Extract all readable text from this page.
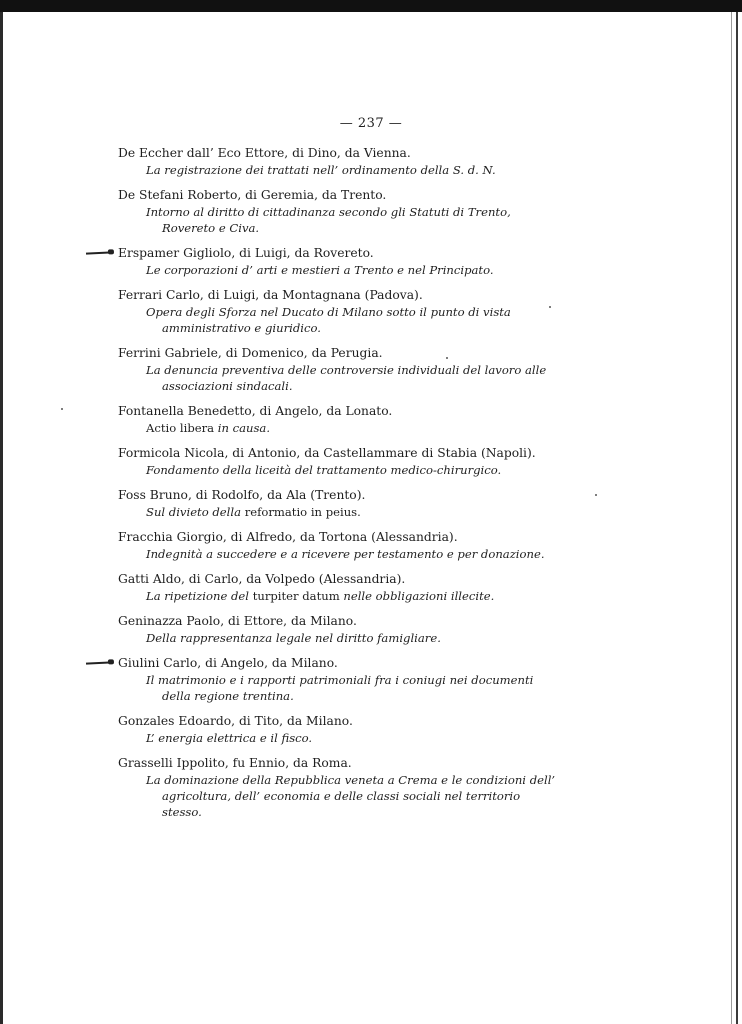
— 237 —
De Eccher dall’ Eco Ettore, di Dino, da Vienna.
La registrazione dei trattati nell’ ordinamento della S. d. N.
De Stefani Roberto, di Geremia, da Trento.
Intorno al diritto di cittadinanza secondo gli Statuti di Trento, Rovereto e Civa.
Erspamer Gigliolo, di Luigi, da Rovereto.
Le corporazioni d’ arti e mestieri a Trento e nel Principato.
Ferrari Carlo, di Luigi, da Montagnana (Padova).
Opera degli Sforza nel Ducato di Milano sotto il punto di vista amministrativo e giuridico.
Ferrini Gabriele, di Domenico, da Perugia.
La denuncia preventiva delle controversie individuali del lavoro alle associazioni sindacali.
Fontanella Benedetto, di Angelo, da Lonato.
Actio libera in causa.
Formicola Nicola, di Antonio, da Castellammare di Stabia (Napoli).
Fondamento della liceità del trattamento medico-chirurgico.
Foss Bruno, di Rodolfo, da Ala (Trento).
Sul divieto della reformatio in peius.
Fracchia Giorgio, di Alfredo, da Tortona (Alessandria).
Indegnità a succedere e a ricevere per testamento e per donazione.
Gatti Aldo, di Carlo, da Volpedo (Alessandria).
La ripetizione del turpiter datum nelle obbligazioni illecite.
Geninazza Paolo, di Ettore, da Milano.
Della rappresentanza legale nel diritto famigliare.
Giulini Carlo, di Angelo, da Milano.
Il matrimonio e i rapporti patrimoniali fra i coniugi nei documenti della regione trentina.
Gonzales Edoardo, di Tito, da Milano.
L’ energia elettrica e il fisco.
Grasselli Ippolito, fu Ennio, da Roma.
La dominazione della Repubblica veneta a Crema e le condizioni dell’ agricoltura, dell’ economia e delle classi sociali nel territorio stesso.
